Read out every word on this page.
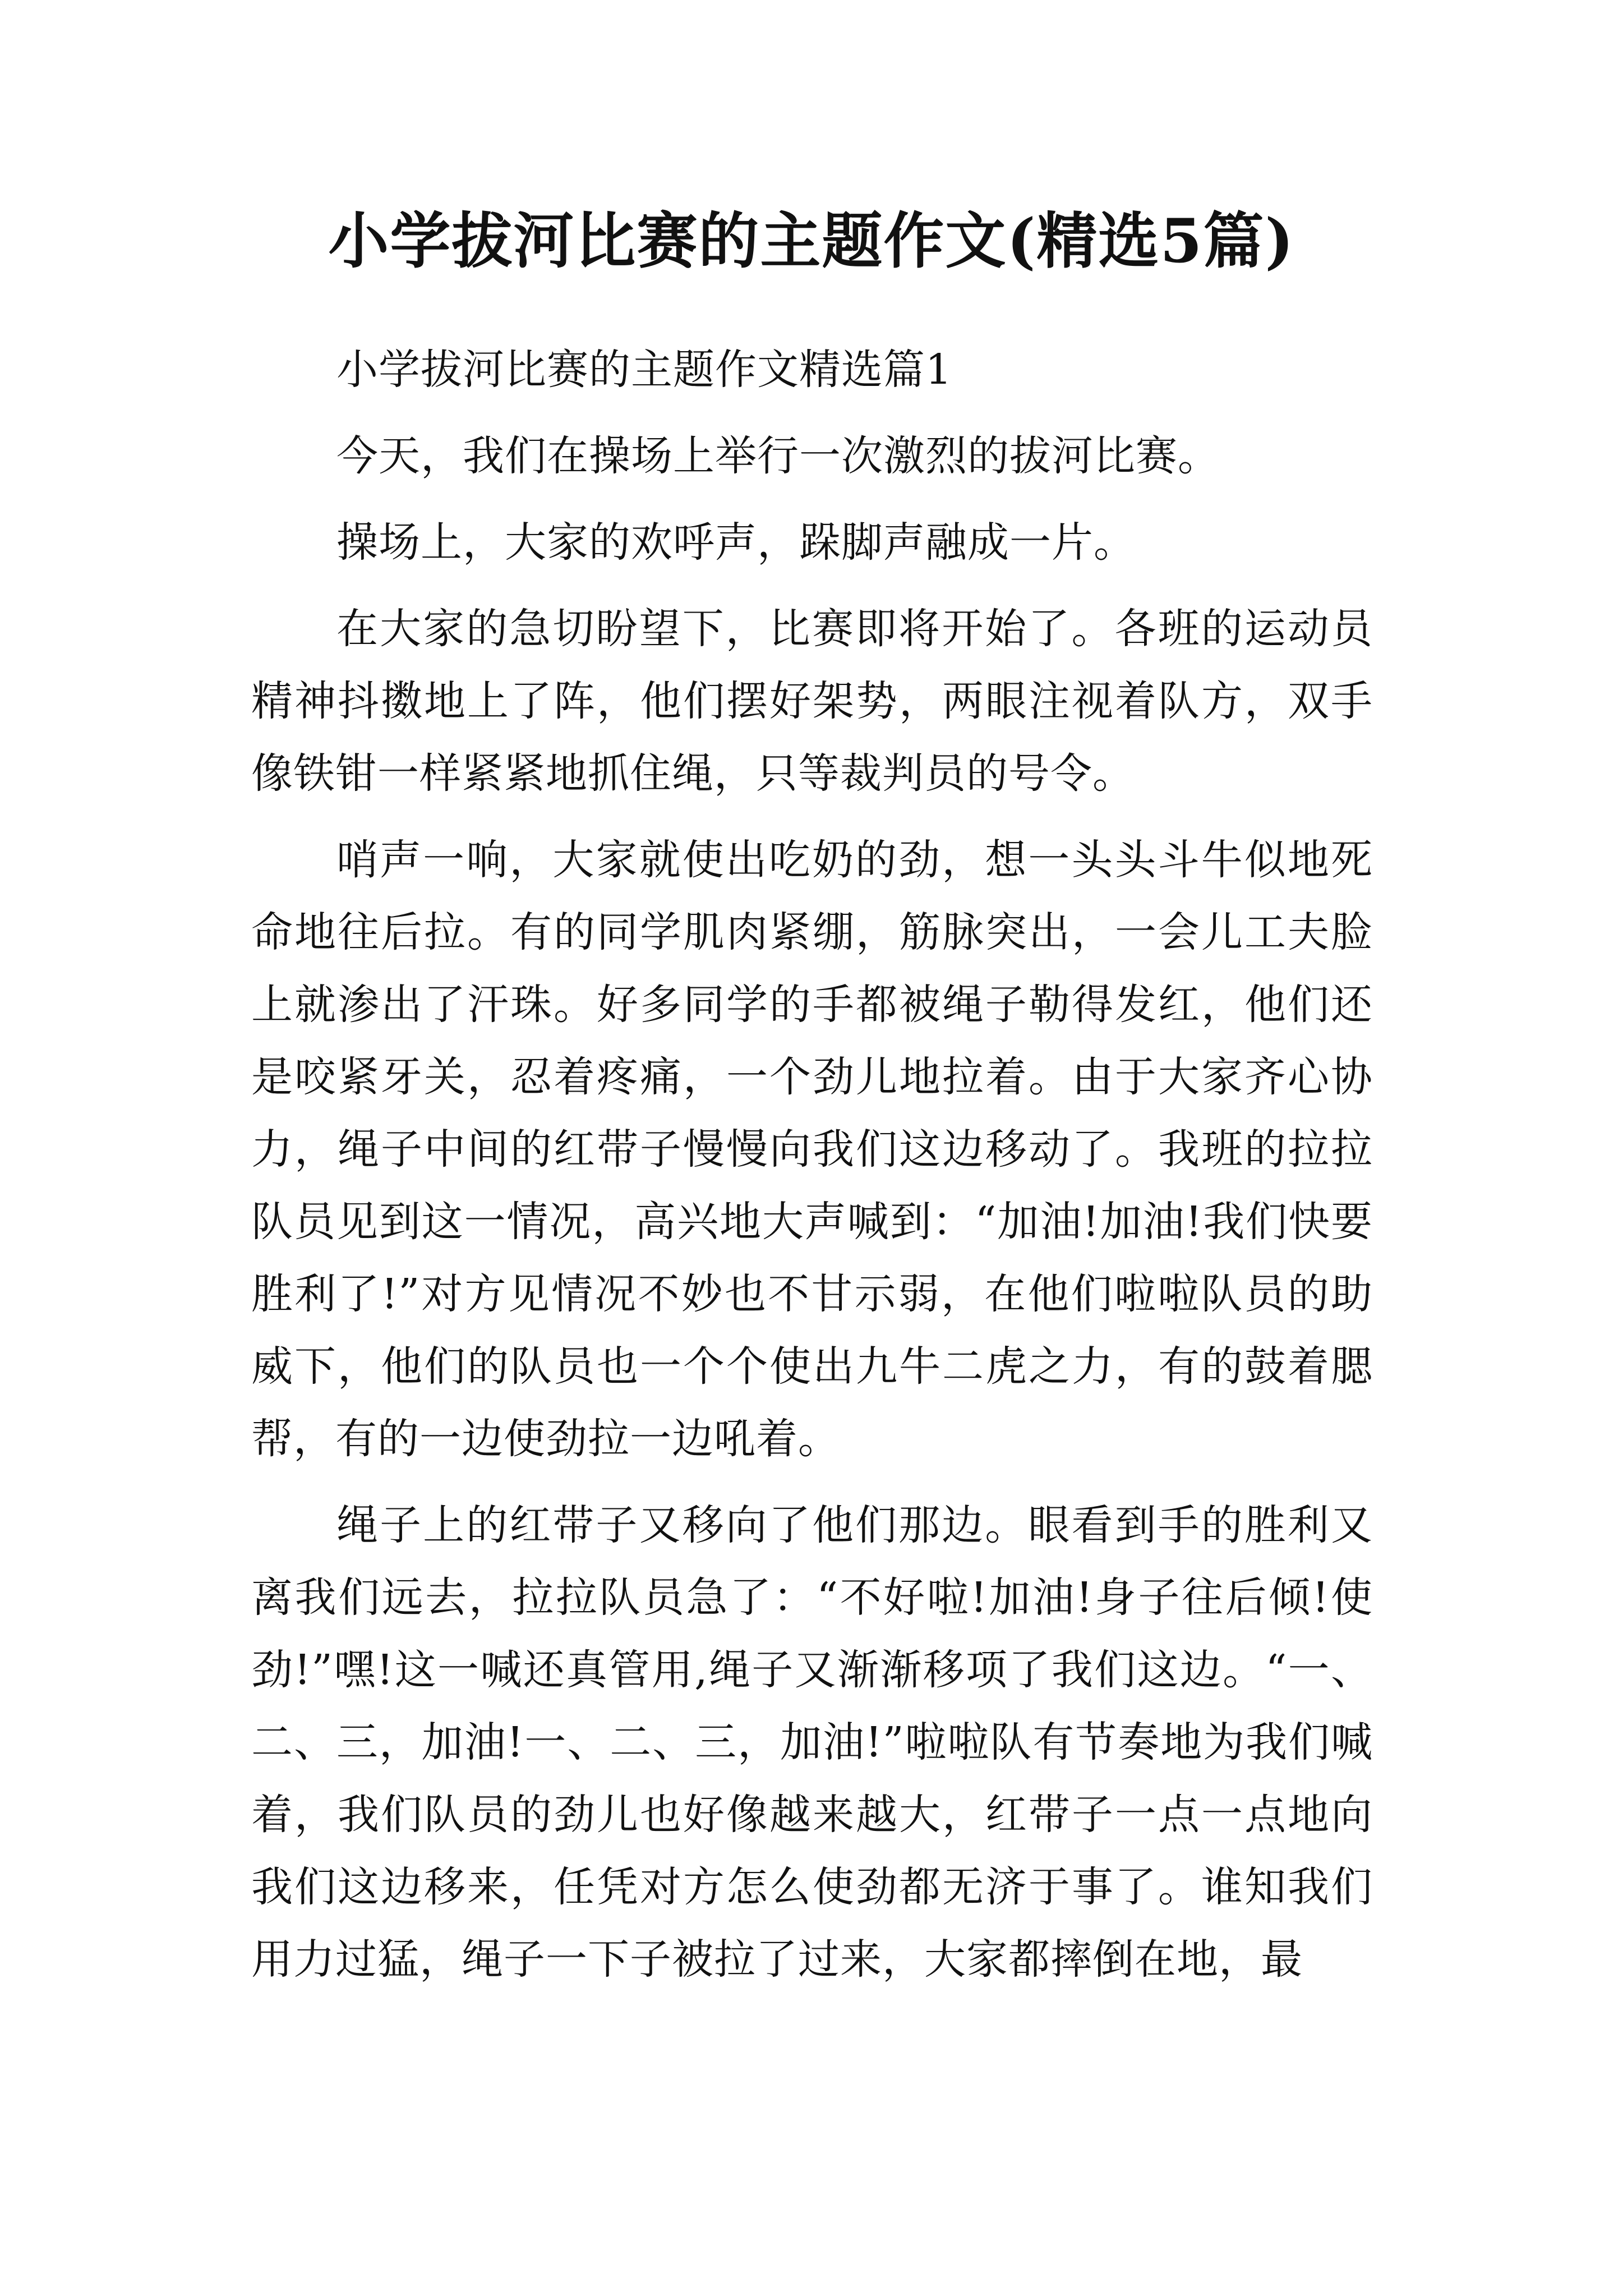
小学拔河比赛的主题作文(精选5篇)

小学拔河比赛的主题作文精选篇1

今天，我们在操场上举行一次激烈的拔河比赛。

操场上，大家的欢呼声，跺脚声融成一片。

在大家的急切盼望下，比赛即将开始了。各班的运动员精神抖擞地上了阵，他们摆好架势，两眼注视着队方，双手像铁钳一样紧紧地抓住绳，只等裁判员的号令。

哨声一响，大家就使出吃奶的劲，想一头头斗牛似地死命地往后拉。有的同学肌肉紧绷，筋脉突出，一会儿工夫脸上就渗出了汗珠。好多同学的手都被绳子勒得发红，他们还是咬紧牙关，忍着疼痛，一个劲儿地拉着。由于大家齐心协力，绳子中间的红带子慢慢向我们这边移动了。我班的拉拉队员见到这一情况，高兴地大声喊到：“加油!加油!我们快要胜利了!”对方见情况不妙也不甘示弱，在他们啦啦队员的助威下，他们的队员也一个个使出九牛二虎之力，有的鼓着腮帮，有的一边使劲拉一边吼着。

绳子上的红带子又移向了他们那边。眼看到手的胜利又离我们远去，拉拉队员急了：“不好啦!加油!身子往后倾!使劲!”嘿!这一喊还真管用,绳子又渐渐移项了我们这边。“一、二、三，加油!一、二、三，加油!”啦啦队有节奏地为我们喊着，我们队员的劲儿也好像越来越大，红带子一点一点地向我们这边移来，任凭对方怎么使劲都无济于事了。谁知我们用力过猛，绳子一下子被拉了过来，大家都摔倒在地，最
